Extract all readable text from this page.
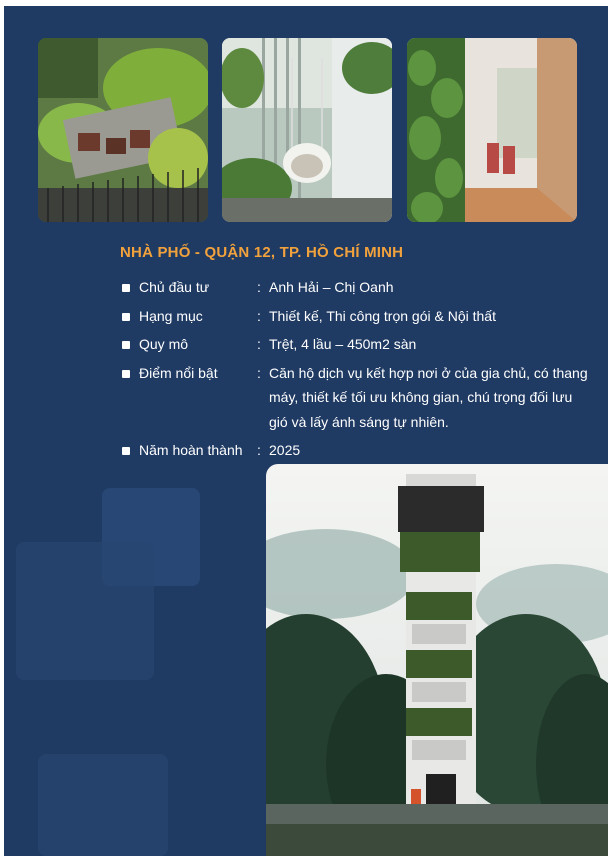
NHÀ PHỐ - QUẬN 12, TP. HỒ CHÍ MINH
Chủ đầu tư	: Anh Hải – Chị Oanh
Hạng mục	: Thiết kế, Thi công trọn gói & Nội thất
Quy mô	: Trệt, 4 lầu – 450m2 sàn
Điểm nổi bật	: Căn hộ dịch vụ kết hợp nơi ở của gia chủ, có thang máy, thiết kế tối ưu không gian, chú trọng đối lưu gió và lấy ánh sáng tự nhiên.
Năm hoàn thành	: 2025
